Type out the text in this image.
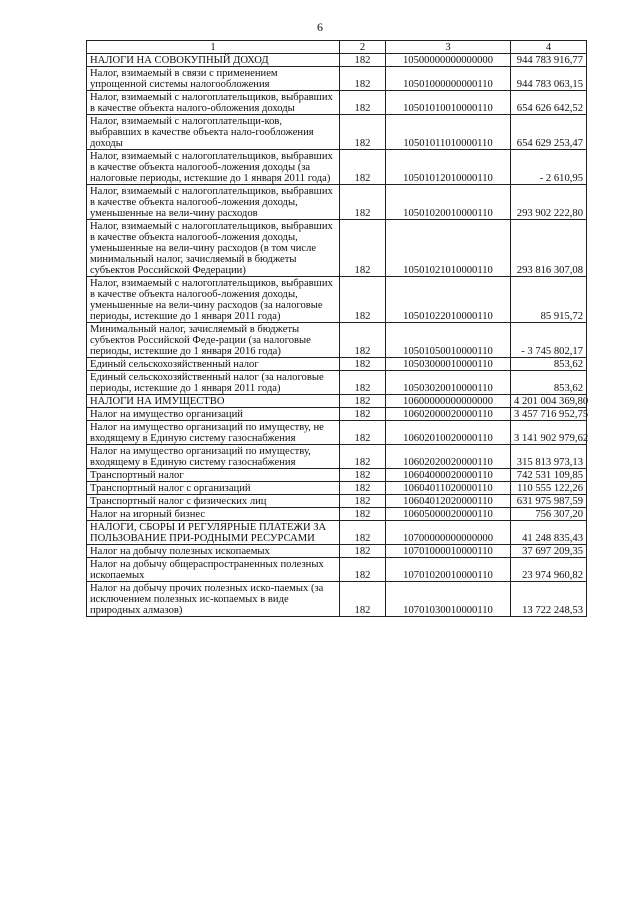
6
1	2	3	4
НАЛОГИ НА СОВОКУПНЫЙ ДОХОД	182	10500000000000000	944 783 916,77
Налог, взимаемый в связи с применением упрощенной системы налогообложения	182	10501000000000110	944 783 063,15
Налог, взимаемый с налогоплательщиков, выбравших в качестве объекта налого-обложения доходы	182	10501010010000110	654 626 642,52
Налог, взимаемый с налогоплательщи-ков, выбравших в качестве объекта нало-гообложения доходы	182	10501011010000110	654 629 253,47
Налог, взимаемый с налогоплательщиков, выбравших в качестве объекта налогооб-ложения доходы (за налоговые периоды, истекшие до 1 января 2011 года)	182	10501012010000110	- 2 610,95
Налог, взимаемый с налогоплательщиков, выбравших в качестве объекта налогооб-ложения доходы, уменьшенные на вели-чину расходов	182	10501020010000110	293 902 222,80
Налог, взимаемый с налогоплательщиков, выбравших в качестве объекта налогооб-ложения доходы, уменьшенные на вели-чину расходов (в том числе минимальный налог, зачисляемый в бюджеты субъектов Российской Федерации)	182	10501021010000110	293 816 307,08
Налог, взимаемый с налогоплательщиков, выбравших в качестве объекта налогооб-ложения доходы, уменьшенные на вели-чину расходов (за налоговые периоды, истекшие до 1 января 2011 года)	182	10501022010000110	85 915,72
Минимальный налог, зачисляемый в бюджеты субъектов Российской Феде-рации (за налоговые периоды, истекшие до 1 января 2016 года)	182	10501050010000110	- 3 745 802,17
Единый сельскохозяйственный налог	182	10503000010000110	853,62
Единый сельскохозяйственный налог (за налоговые периоды, истекшие до 1 января 2011 года)	182	10503020010000110	853,62
НАЛОГИ НА ИМУЩЕСТВО	182	10600000000000000	4 201 004 369,80
Налог на имущество организаций	182	10602000020000110	3 457 716 952,75
Налог на имущество организаций по имуществу, не входящему в Единую систему газоснабжения	182	10602010020000110	3 141 902 979,62
Налог на имущество организаций по имуществу, входящему в Единую систему газоснабжения	182	10602020020000110	315 813 973,13
Транспортный налог	182	10604000020000110	742 531 109,85
Транспортный налог с организаций	182	10604011020000110	110 555 122,26
Транспортный налог с физических лиц	182	10604012020000110	631 975 987,59
Налог на игорный бизнес	182	10605000020000110	756 307,20
НАЛОГИ, СБОРЫ И РЕГУЛЯРНЫЕ ПЛАТЕЖИ ЗА ПОЛЬЗОВАНИЕ ПРИ-РОДНЫМИ РЕСУРСАМИ	182	10700000000000000	41 248 835,43
Налог на добычу полезных ископаемых	182	10701000010000110	37 697 209,35
Налог на добычу общераспространенных полезных ископаемых	182	10701020010000110	23 974 960,82
Налог на добычу прочих полезных иско-паемых (за исключением полезных ис-копаемых в виде природных алмазов)	182	10701030010000110	13 722 248,53
